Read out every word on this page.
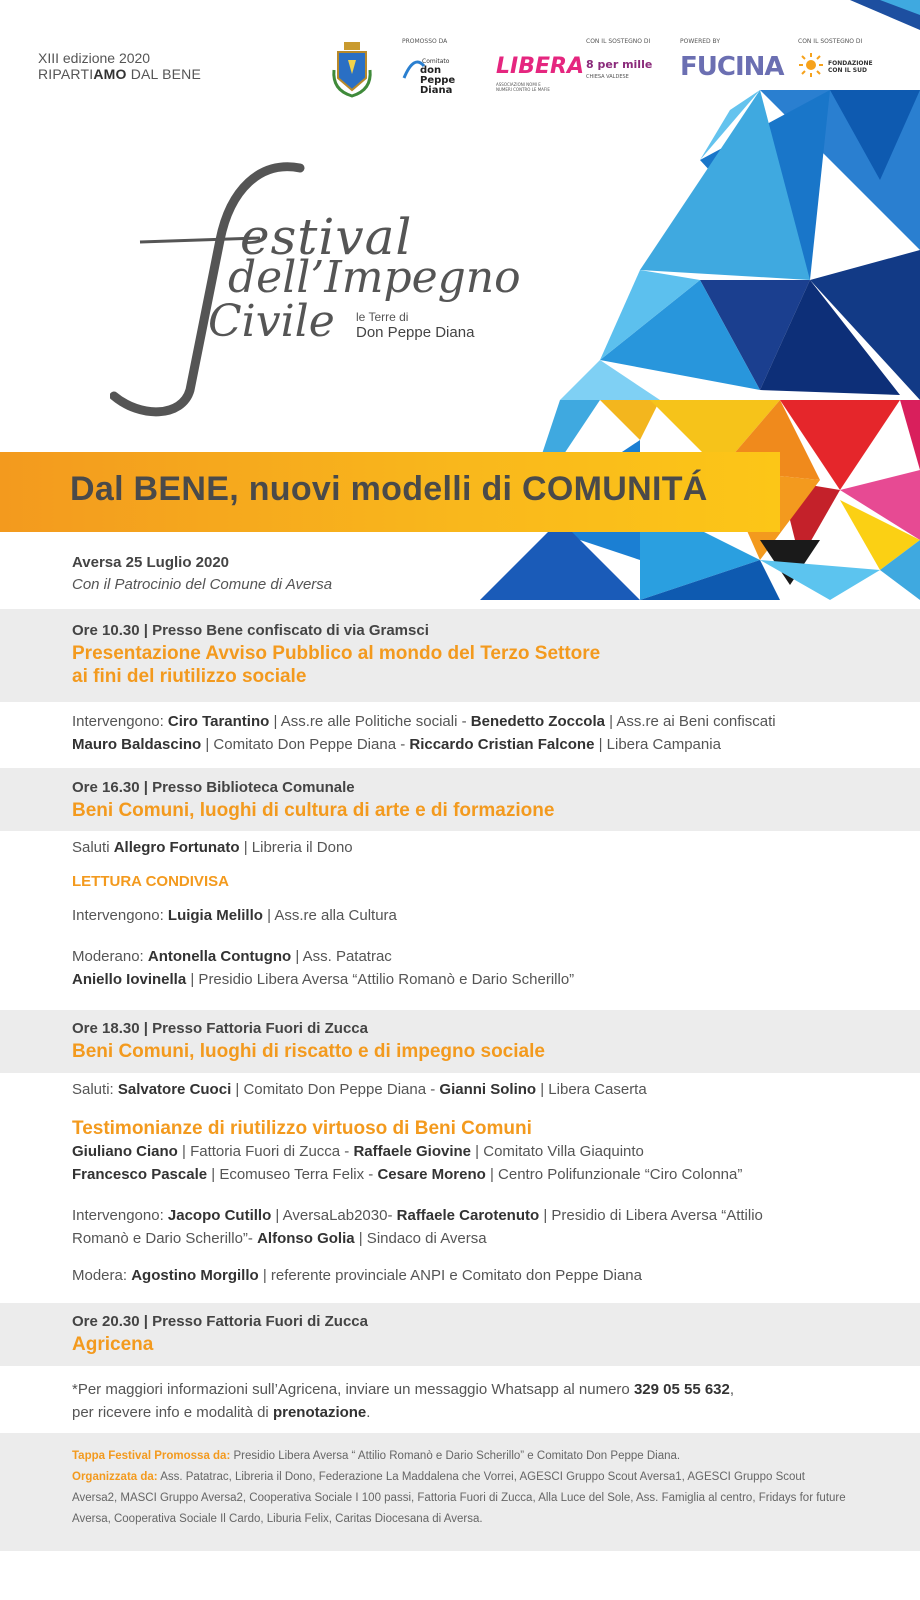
XIII edizione 2020
RIPARTIAMO DAL BENE
PROMOSSO DA
Comitato
don Peppe Diana
LIBERA
ASSOCIAZIONI NOMI E NUMERI CONTRO LE MAFIE
CON IL SOSTEGNO DI
8 per mille
CHIESA VALDESE
POWERED BY
FUCINA
CON IL SOSTEGNO DI
FONDAZIONE CON IL SUD
estival
dell’Impegno
Civile le Terre di
Don Peppe Diana
Dal BENE, nuovi modelli di COMUNITÁ
Aversa 25 Luglio 2020
Con il Patrocinio del Comune di Aversa
Ore 10.30 | Presso Bene confiscato di via Gramsci
Presentazione Avviso Pubblico al mondo del Terzo Settore
ai fini del riutilizzo sociale
Intervengono: Ciro Tarantino | Ass.re alle Politiche sociali - Benedetto Zoccola | Ass.re ai Beni confiscati
Mauro Baldascino | Comitato Don Peppe Diana - Riccardo Cristian Falcone | Libera Campania
Ore 16.30 | Presso Biblioteca Comunale
Beni Comuni, luoghi di cultura di arte e di formazione
Saluti Allegro Fortunato | Libreria il Dono
LETTURA CONDIVISA
Intervengono: Luigia Melillo | Ass.re alla Cultura
Moderano: Antonella Contugno | Ass. Patatrac
Aniello Iovinella | Presidio Libera Aversa “Attilio Romanò e Dario Scherillo”
Ore 18.30 | Presso Fattoria Fuori di Zucca
Beni Comuni, luoghi di riscatto e di impegno sociale
Saluti: Salvatore Cuoci | Comitato Don Peppe Diana - Gianni Solino | Libera Caserta
Testimonianze di riutilizzo virtuoso di Beni Comuni
Giuliano Ciano | Fattoria Fuori di Zucca - Raffaele Giovine | Comitato Villa Giaquinto
Francesco Pascale | Ecomuseo Terra Felix - Cesare Moreno | Centro Polifunzionale “Ciro Colonna”
Intervengono: Jacopo Cutillo | AversaLab2030- Raffaele Carotenuto | Presidio di Libera Aversa “Attilio
Romanò e Dario Scherillo”- Alfonso Golia | Sindaco di Aversa
Modera: Agostino Morgillo | referente provinciale ANPI e Comitato don Peppe Diana
Ore 20.30 | Presso Fattoria Fuori di Zucca
Agricena
*Per maggiori informazioni sull’Agricena, inviare un messaggio Whatsapp al numero 329 05 55 632,
per ricevere info e modalità di prenotazione.
Tappa Festival Promossa da: Presidio Libera Aversa “ Attilio Romanò e Dario Scherillo” e Comitato Don Peppe Diana.
Organizzata da: Ass. Patatrac, Libreria il Dono, Federazione La Maddalena che Vorrei, AGESCI Gruppo Scout Aversa1, AGESCI Gruppo Scout Aversa2, MASCI Gruppo Aversa2, Cooperativa Sociale I 100 passi, Fattoria Fuori di Zucca, Alla Luce del Sole, Ass. Famiglia al centro, Fridays for future Aversa, Cooperativa Sociale Il Cardo, Liburia Felix, Caritas Diocesana di Aversa.
